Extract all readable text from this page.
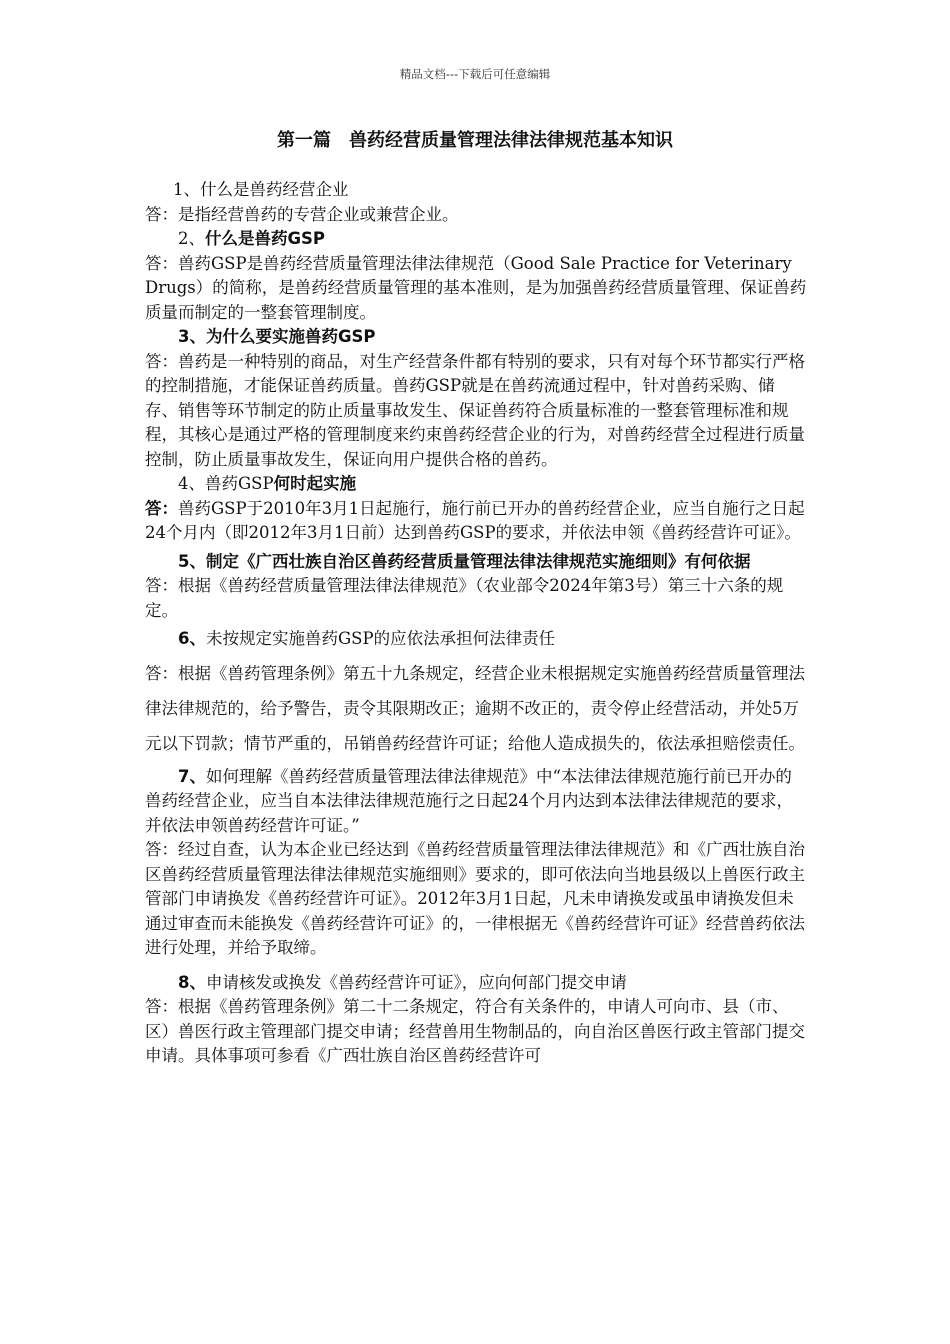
精品文档---下载后可任意编辑
第一篇　兽药经营质量管理法律法律规范基本知识

1、什么是兽药经营企业

答：是指经营兽药的专营企业或兼营企业。

2、什么是兽药GSP

答：兽药GSP是兽药经营质量管理法律法律规范（Good Sale Practice for Veterinary Drugs）的简称，是兽药经营质量管理的基本准则，是为加强兽药经营质量管理、保证兽药质量而制定的一整套管理制度。

3、为什么要实施兽药GSP

答：兽药是一种特别的商品，对生产经营条件都有特别的要求，只有对每个环节都实行严格的控制措施，才能保证兽药质量。兽药GSP就是在兽药流通过程中，针对兽药采购、储存、销售等环节制定的防止质量事故发生、保证兽药符合质量标准的一整套管理标准和规程，其核心是通过严格的管理制度来约束兽药经营企业的行为，对兽药经营全过程进行质量控制，防止质量事故发生，保证向用户提供合格的兽药。

4、兽药GSP何时起实施

答：兽药GSP于2010年3月1日起施行，施行前已开办的兽药经营企业，应当自施行之日起24个月内（即2012年3月1日前）达到兽药GSP的要求，并依法申领《兽药经营许可证》。

5、制定《广西壮族自治区兽药经营质量管理法律法律规范实施细则》有何依据

答：根据《兽药经营质量管理法律法律规范》（农业部令2024年第3号）第三十六条的规定。

6、未按规定实施兽药GSP的应依法承担何法律责任

答：根据《兽药管理条例》第五十九条规定，经营企业未根据规定实施兽药经营质量管理法律法律规范的，给予警告，责令其限期改正；逾期不改正的，责令停止经营活动，并处5万元以下罚款；情节严重的，吊销兽药经营许可证；给他人造成损失的，依法承担赔偿责任。

7、如何理解《兽药经营质量管理法律法律规范》中“本法律法律规范施行前已开办的兽药经营企业，应当自本法律法律规范施行之日起24个月内达到本法律法律规范的要求，并依法申领兽药经营许可证。”

答：经过自查，认为本企业已经达到《兽药经营质量管理法律法律规范》和《广西壮族自治区兽药经营质量管理法律法律规范实施细则》要求的，即可依法向当地县级以上兽医行政主管部门申请换发《兽药经营许可证》。2012年3月1日起，凡未申请换发或虽申请换发但未通过审查而未能换发《兽药经营许可证》的，一律根据无《兽药经营许可证》经营兽药依法进行处理，并给予取缔。

8、申请核发或换发《兽药经营许可证》，应向何部门提交申请

答：根据《兽药管理条例》第二十二条规定，符合有关条件的，申请人可向市、县（市、区）兽医行政主管理部门提交申请；经营兽用生物制品的，向自治区兽医行政主管部门提交申请。具体事项可参看《广西壮族自治区兽药经营许可
